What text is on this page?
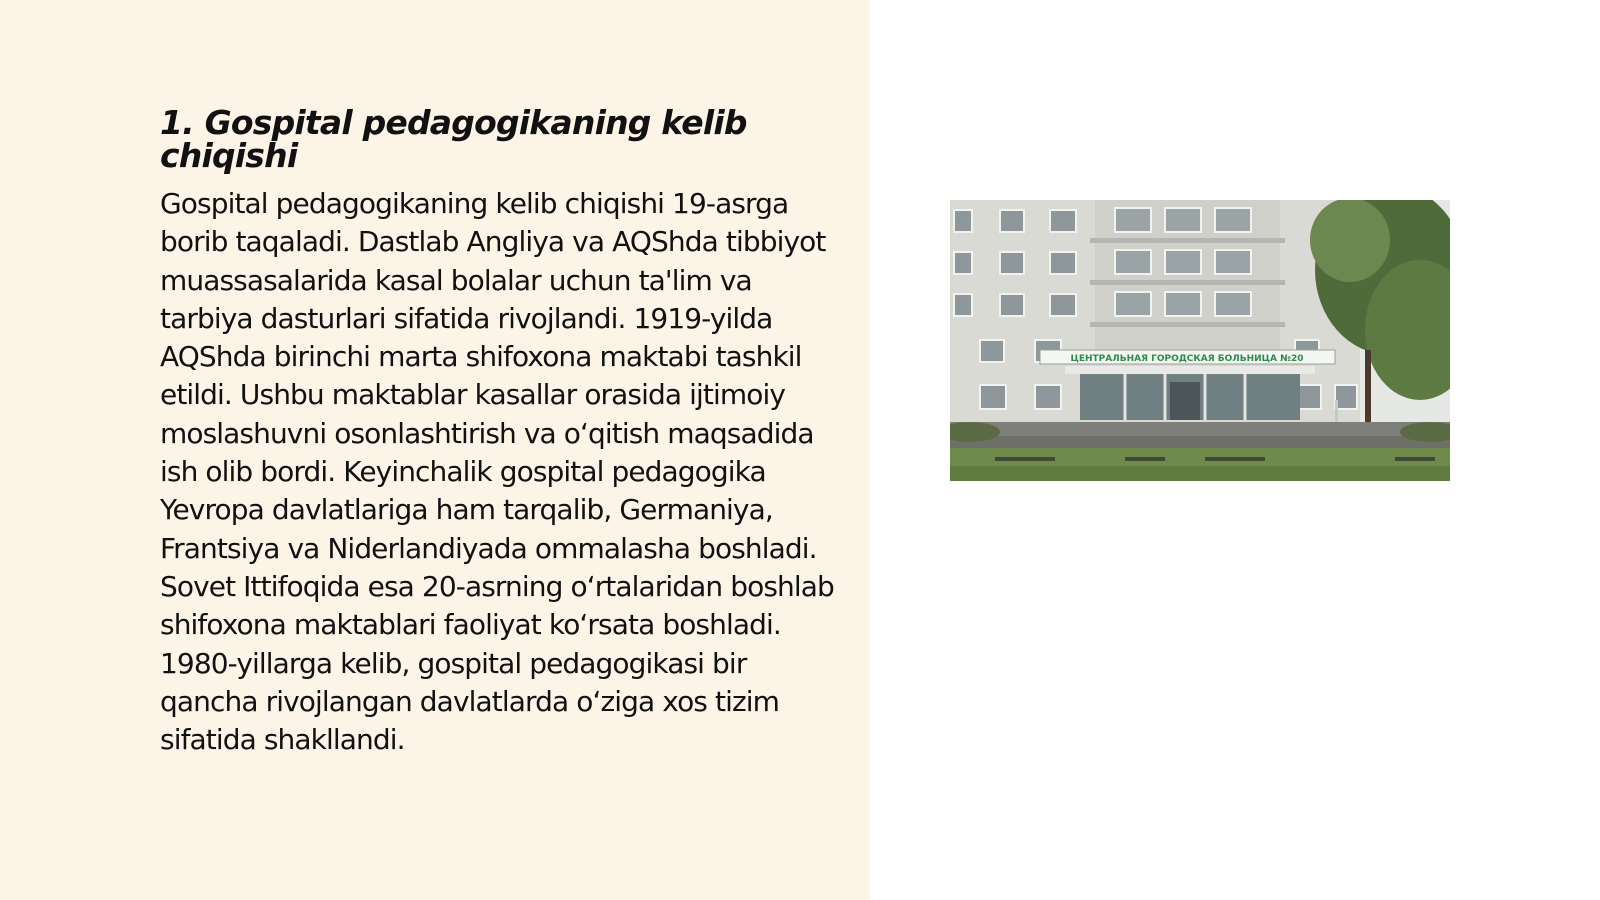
1. Gospital pedagogikaning kelib chiqishi

Gospital pedagogikaning kelib chiqishi 19-asrga borib taqaladi. Dastlab Angliya va AQShda tibbiyot muassasalarida kasal bolalar uchun ta'lim va tarbiya dasturlari sifatida rivojlandi. 1919-yilda AQShda birinchi marta shifoxona maktabi tashkil etildi. Ushbu maktablar kasallar orasida ijtimoiy moslashuvni osonlashtirish va oʻqitish maqsadida ish olib bordi. Keyinchalik gospital pedagogika Yevropa davlatlariga ham tarqalib, Germaniya, Frantsiya va Niderlandiyada ommalasha boshladi. Sovet Ittifoqida esa 20-asrning oʻrtalaridan boshlab shifoxona maktablari faoliyat koʻrsata boshladi. 1980-yillarga kelib, gospital pedagogikasi bir qancha rivojlangan davlatlarda oʻziga xos tizim sifatida shakllandi.

ЦЕНТРАЛЬНАЯ ГОРОДСКАЯ БОЛЬНИЦА №20
